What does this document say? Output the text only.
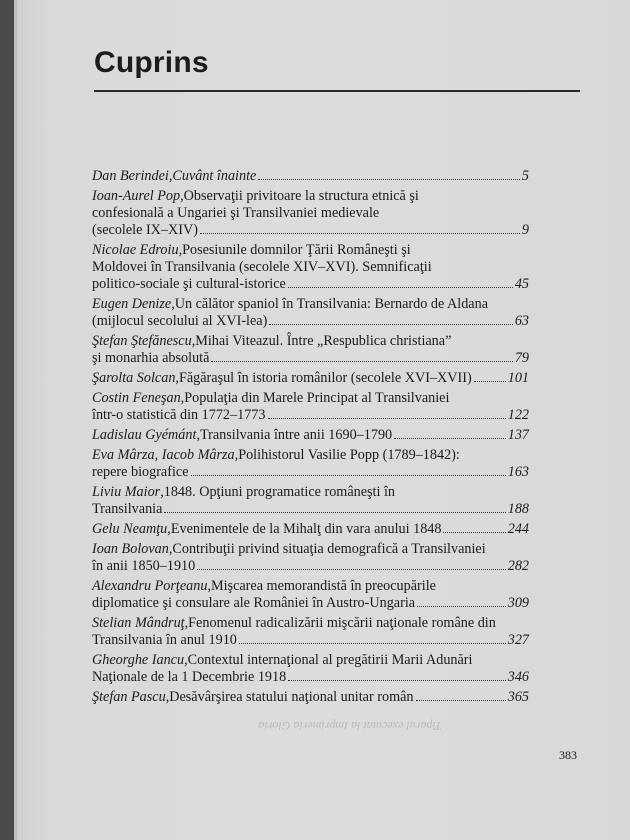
Cuprins
Dan Berindei , Cuvânt înainte	5
Ioan-Aurel Pop , Observaţii privitoare la structura etnică şi
confesională a Ungariei şi Transilvaniei medievale
(secolele IX–XIV)	9
Nicolae Edroiu , Posesiunile domnilor Ţării Româneşti şi
Moldovei în Transilvania (secolele XIV–XVI). Semnificaţii
politico-sociale şi cultural-istorice	45
Eugen Denize , Un călător spaniol în Transilvania: Bernardo de Aldana
(mijlocul secolului al XVI-lea)	63
Ştefan Ştefănescu , Mihai Viteazul. Între „Respublica christiana”
şi monarhia absolută	79
Şarolta Solcan , Făgăraşul în istoria românilor (secolele XVI–XVII)	101
Costin Feneşan , Populaţia din Marele Principat al Transilvaniei
într-o statistică din 1772–1773	122
Ladislau Gyémánt , Transilvania între anii 1690–1790	137
Eva Mârza, Iacob Mârza , Polihistorul Vasilie Popp (1789–1842):
repere biografice	163
Liviu Maior , 1848. Opţiuni programatice româneşti în
Transilvania	188
Gelu Neamţu , Evenimentele de la Mihalţ din vara anului 1848	244
Ioan Bolovan , Contribuţii privind situaţia demografică a Transilvaniei
în anii 1850–1910	282
Alexandru Porţeanu , Mişcarea memorandistă în preocupările
diplomatice şi consulare ale României în Austro-Ungaria	309
Stelian Mândruţ , Fenomenul radicalizării mişcării naţionale române din
Transilvania în anul 1910	327
Gheorghe Iancu , Contextul internaţional al pregătirii Marii Adunări
Naţionale de la 1 Decembrie 1918	346
Ştefan Pascu , Desăvârşirea statului naţional unitar român	365
Tiparul executat la Imprimeria Gloria
383
